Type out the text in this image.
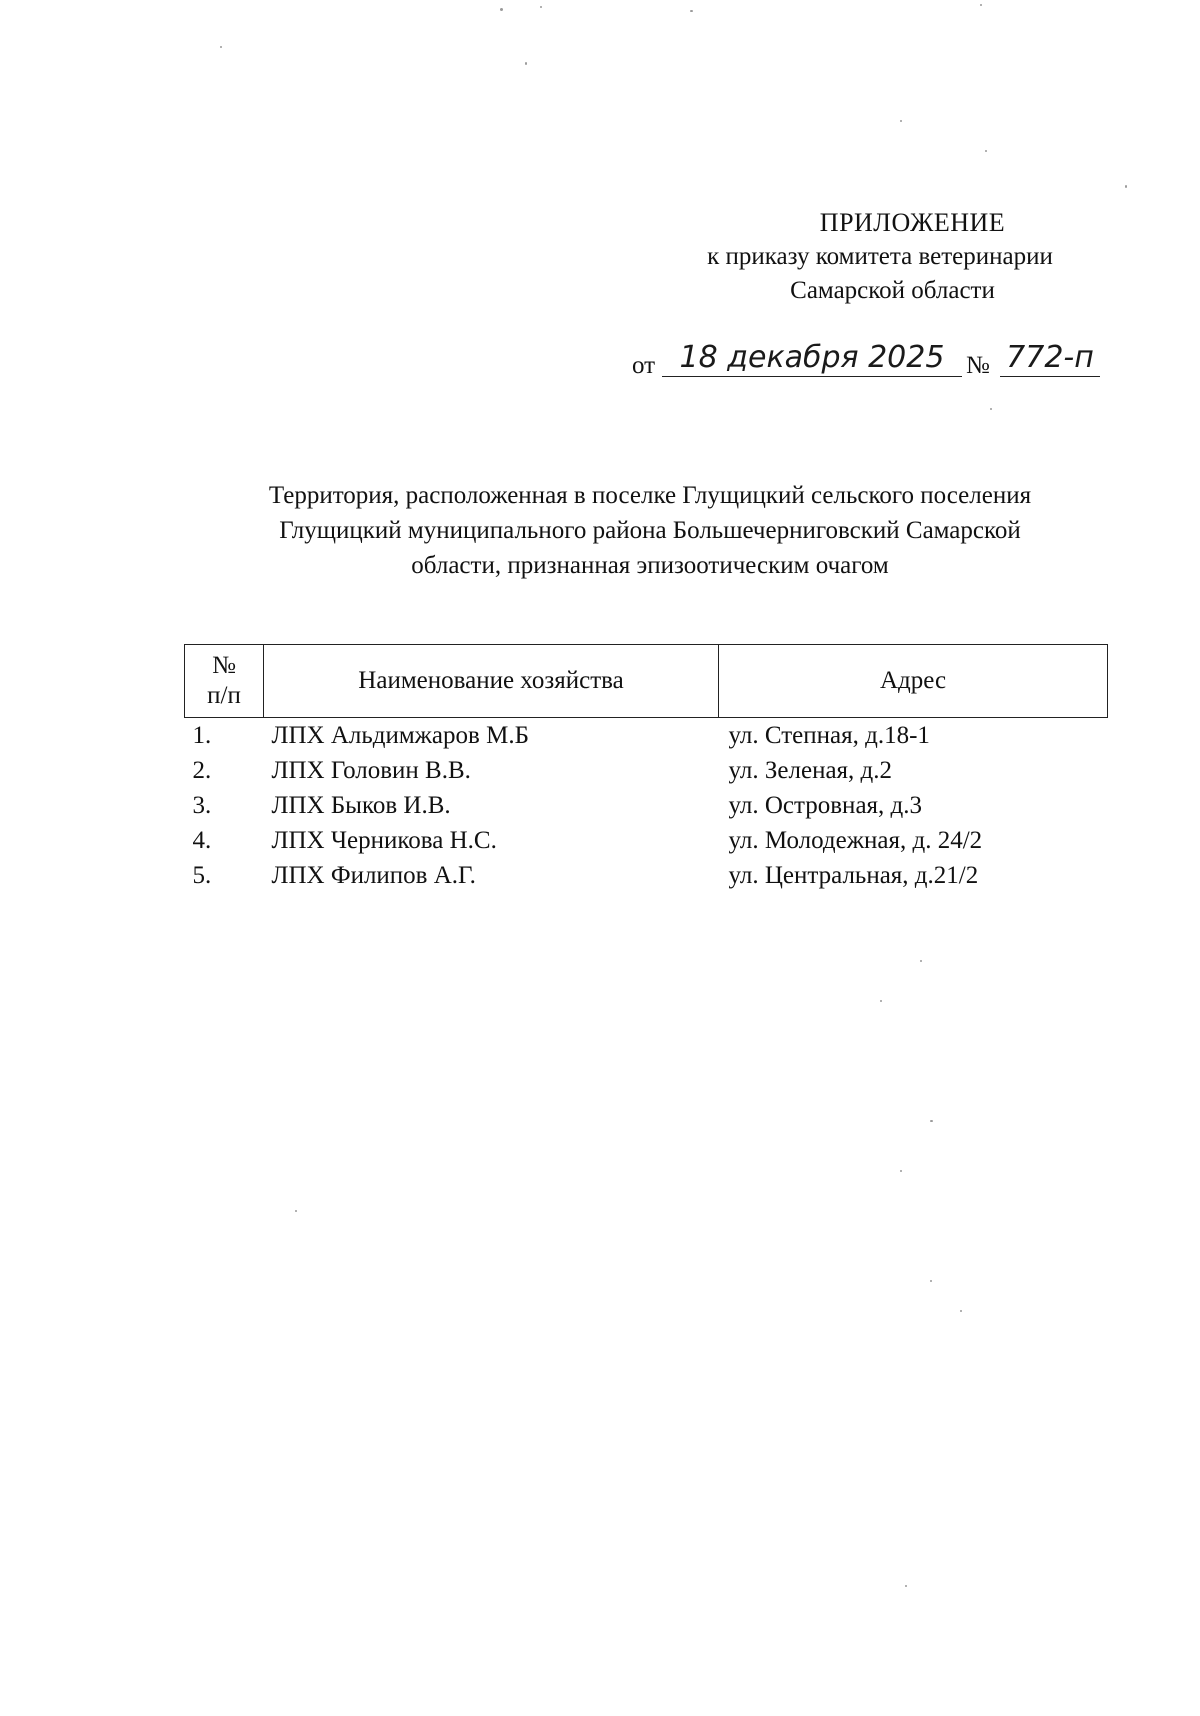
ПРИЛОЖЕНИЕ
к приказу комитета ветеринарии
Самарской области
от 18 декабря 2025 № 772-п
Территория, расположенная в поселке Глущицкий сельского поселения
Глущицкий муниципального района Большечерниговский Самарской
области, признанная эпизоотическим очагом
№
п/п	Наименование хозяйства	Адрес
1.	ЛПХ Альдимжаров М.Б	ул. Степная, д.18-1
2.	ЛПХ Головин В.В.	ул. Зеленая, д.2
3.	ЛПХ Быков И.В.	ул. Островная, д.3
4.	ЛПХ Черникова Н.С.	ул. Молодежная, д. 24/2
5.	ЛПХ Филипов А.Г.	ул. Центральная, д.21/2
